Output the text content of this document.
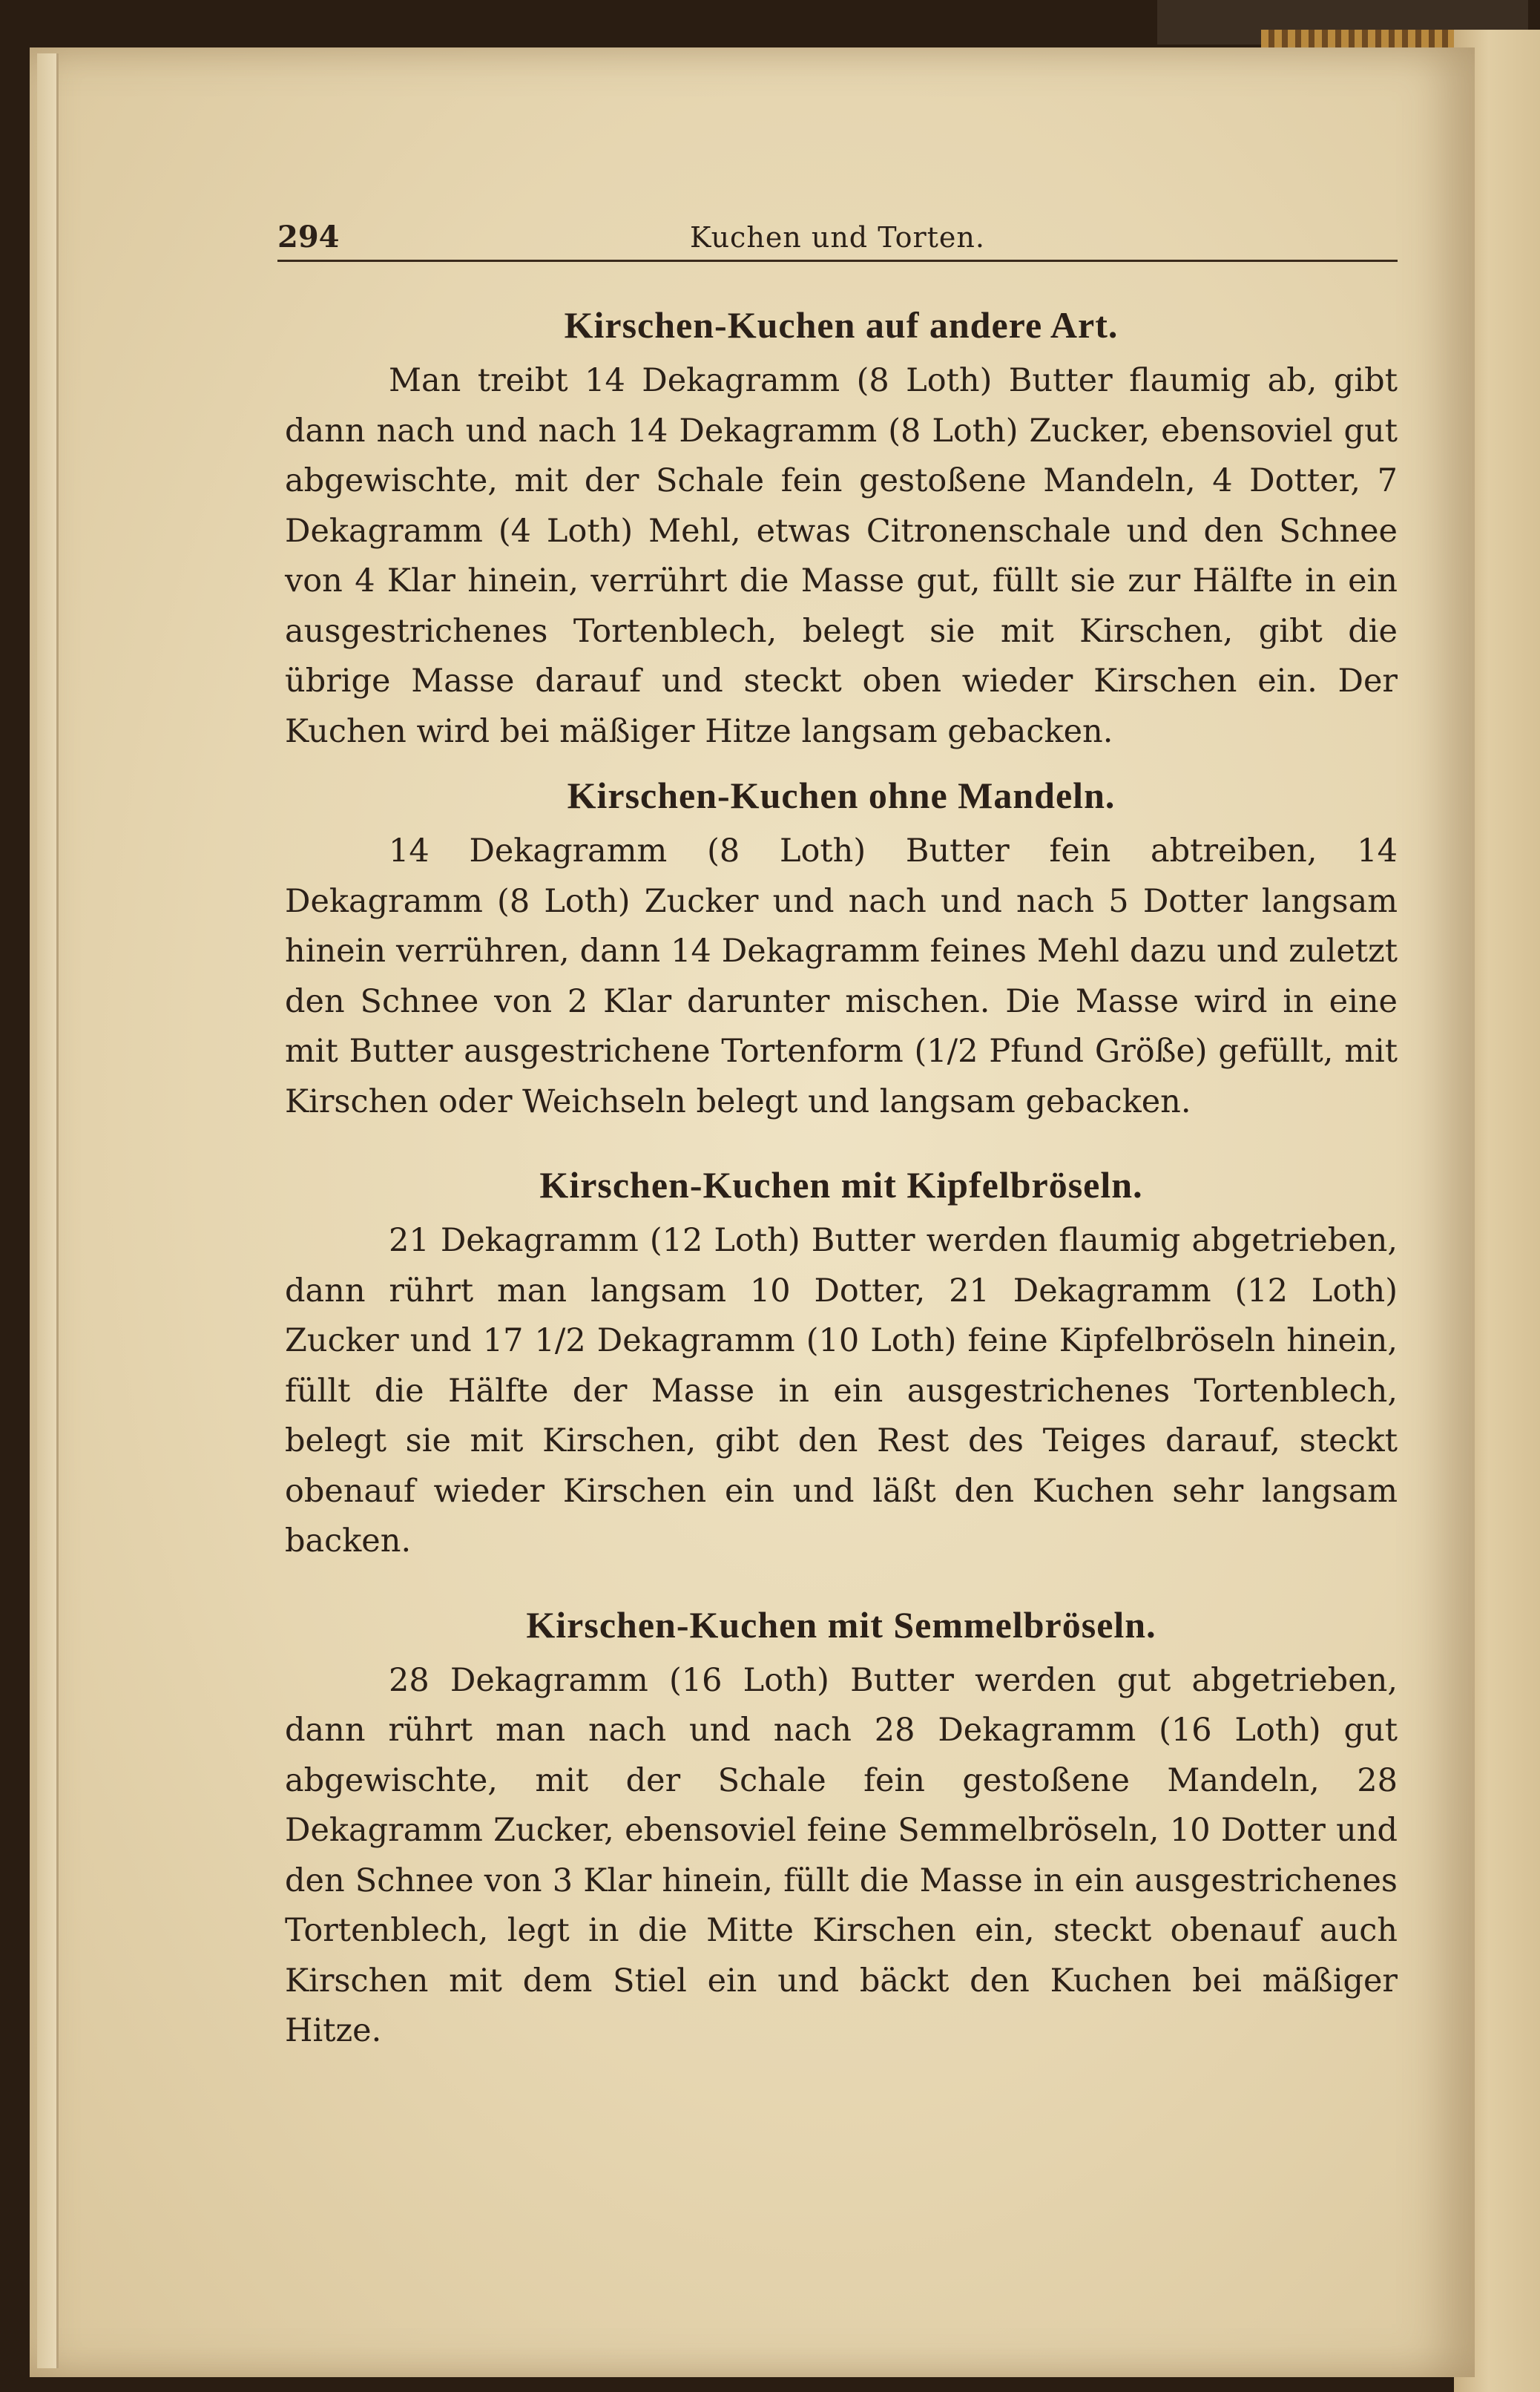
294	Kuchen und Torten.
Kirschen-Kuchen auf andere Art.

Man treibt 14 Dekagramm (8 Loth) Butter flaumig ab, gibt dann nach und nach 14 Dekagramm (8 Loth) Zucker, ebensoviel gut abgewischte, mit der Schale fein gestoßene Mandeln, 4 Dotter, 7 Dekagramm (4 Loth) Mehl, etwas Citronenschale und den Schnee von 4 Klar hinein, verrührt die Masse gut, füllt sie zur Hälfte in ein ausgestrichenes Tortenblech, belegt sie mit Kirschen, gibt die übrige Masse darauf und steckt oben wieder Kirschen ein. Der Kuchen wird bei mäßiger Hitze langsam gebacken.

Kirschen-Kuchen ohne Mandeln.

14 Dekagramm (8 Loth) Butter fein abtreiben, 14 Dekagramm (8 Loth) Zucker und nach und nach 5 Dotter langsam hinein verrühren, dann 14 Dekagramm feines Mehl dazu und zuletzt den Schnee von 2 Klar darunter mischen. Die Masse wird in eine mit Butter ausgestrichene Tortenform (1/2 Pfund Größe) gefüllt, mit Kirschen oder Weichseln belegt und langsam gebacken.

Kirschen-Kuchen mit Kipfelbröseln.

21 Dekagramm (12 Loth) Butter werden flaumig abgetrieben, dann rührt man langsam 10 Dotter, 21 Dekagramm (12 Loth) Zucker und 17 1/2 Dekagramm (10 Loth) feine Kipfelbröseln hinein, füllt die Hälfte der Masse in ein ausgestrichenes Tortenblech, belegt sie mit Kirschen, gibt den Rest des Teiges darauf, steckt obenauf wieder Kirschen ein und läßt den Kuchen sehr langsam backen.

Kirschen-Kuchen mit Semmelbröseln.

28 Dekagramm (16 Loth) Butter werden gut abgetrieben, dann rührt man nach und nach 28 Dekagramm (16 Loth) gut abgewischte, mit der Schale fein gestoßene Mandeln, 28 Dekagramm Zucker, ebensoviel feine Semmelbröseln, 10 Dotter und den Schnee von 3 Klar hinein, füllt die Masse in ein ausgestrichenes Tortenblech, legt in die Mitte Kirschen ein, steckt obenauf auch Kirschen mit dem Stiel ein und bäckt den Kuchen bei mäßiger Hitze.
